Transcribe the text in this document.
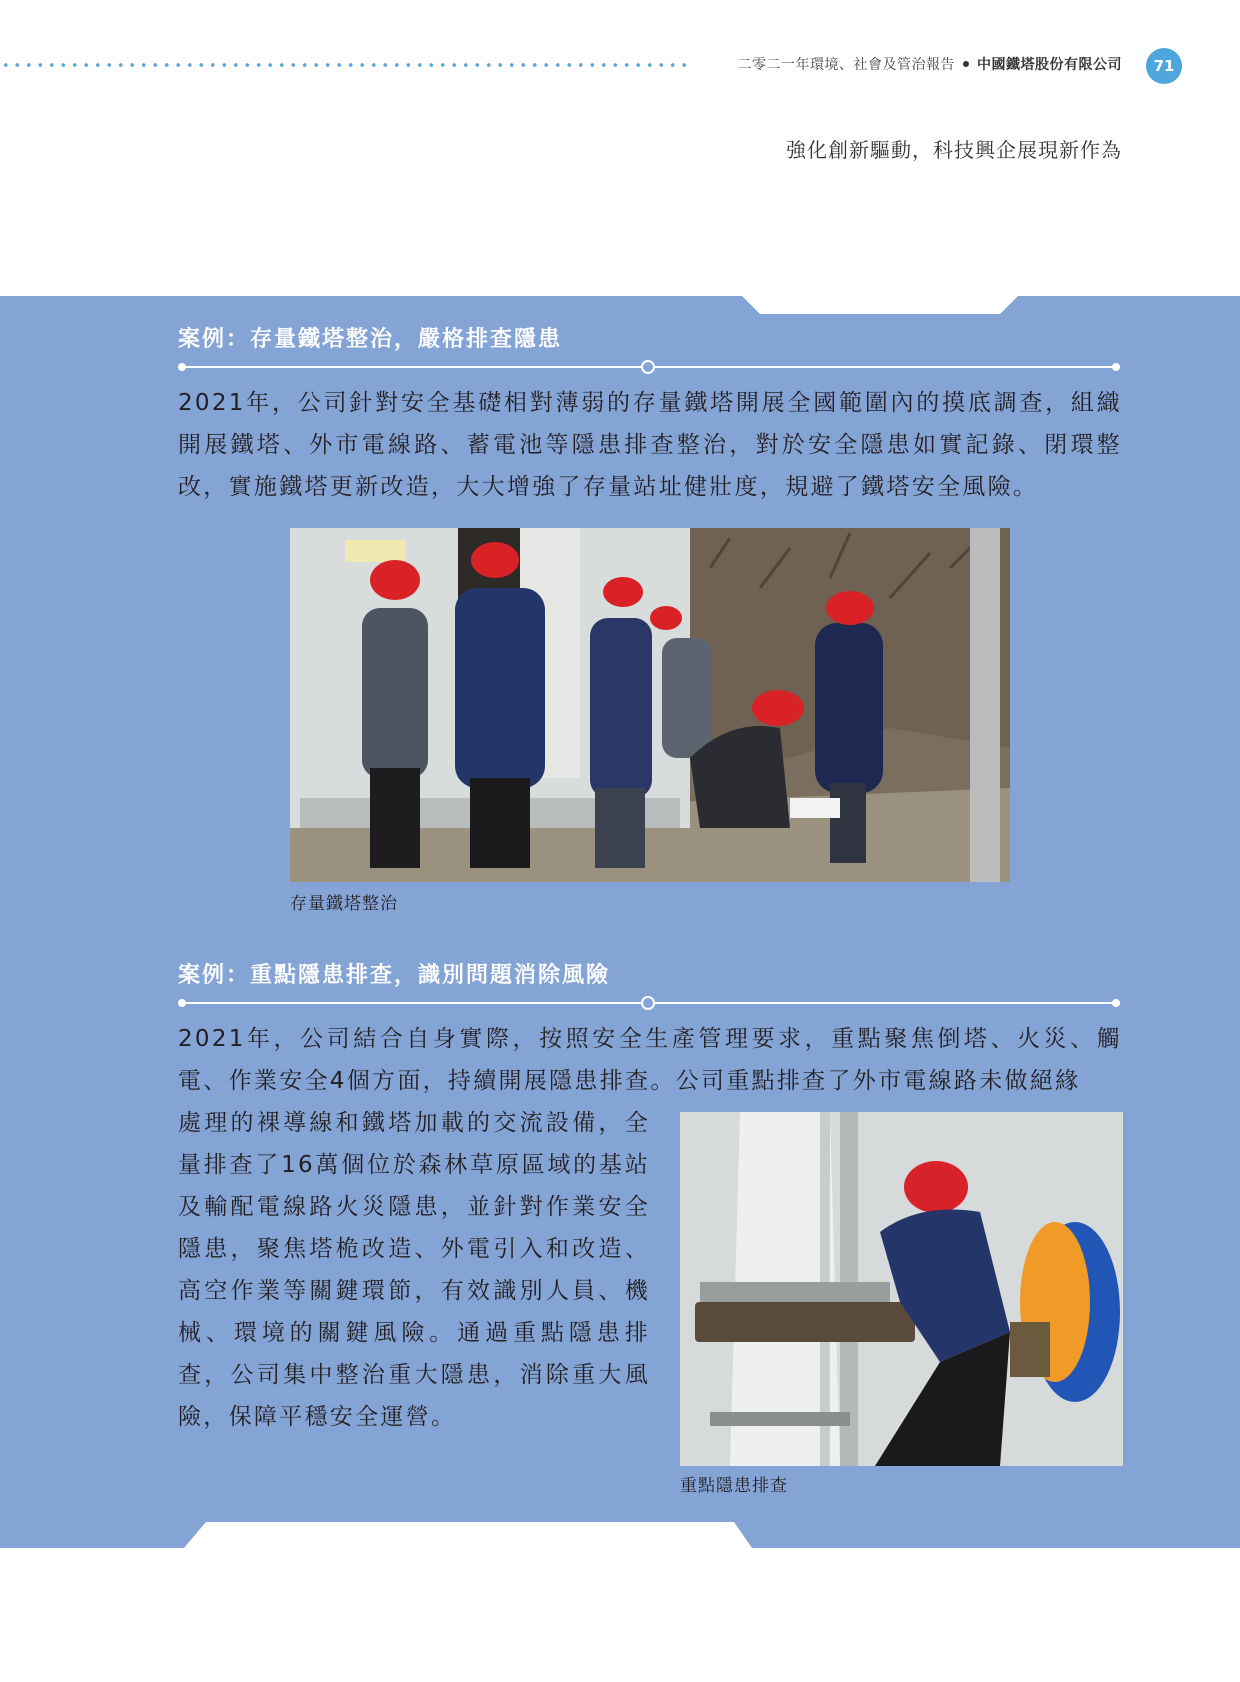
二零二一年環境、社會及管治報告 中國鐵塔股份有限公司	71
強化創新驅動，科技興企展現新作為
案例：存量鐵塔整治，嚴格排查隱患
2021年，公司針對安全基礎相對薄弱的存量鐵塔開展全國範圍內的摸底調查，組織開展鐵塔、外市電線路、蓄電池等隱患排查整治，對於安全隱患如實記錄、閉環整改，實施鐵塔更新改造，大大增強了存量站址健壯度，規避了鐵塔安全風險。
存量鐵塔整治
案例：重點隱患排查，識別問題消除風險
2021年，公司結合自身實際，按照安全生產管理要求，重點聚焦倒塔、火災、觸電、作業安全4個方面，持續開展隱患排查。公司重點排查了外市電線路未做絕緣
處理的裸導線和鐵塔加載的交流設備，全量排查了16萬個位於森林草原區域的基站及輸配電線路火災隱患，並針對作業安全隱患，聚焦塔桅改造、外電引入和改造、高空作業等關鍵環節，有效識別人員、機械、環境的關鍵風險。通過重點隱患排查，公司集中整治重大隱患，消除重大風險，保障平穩安全運營。
重點隱患排查
